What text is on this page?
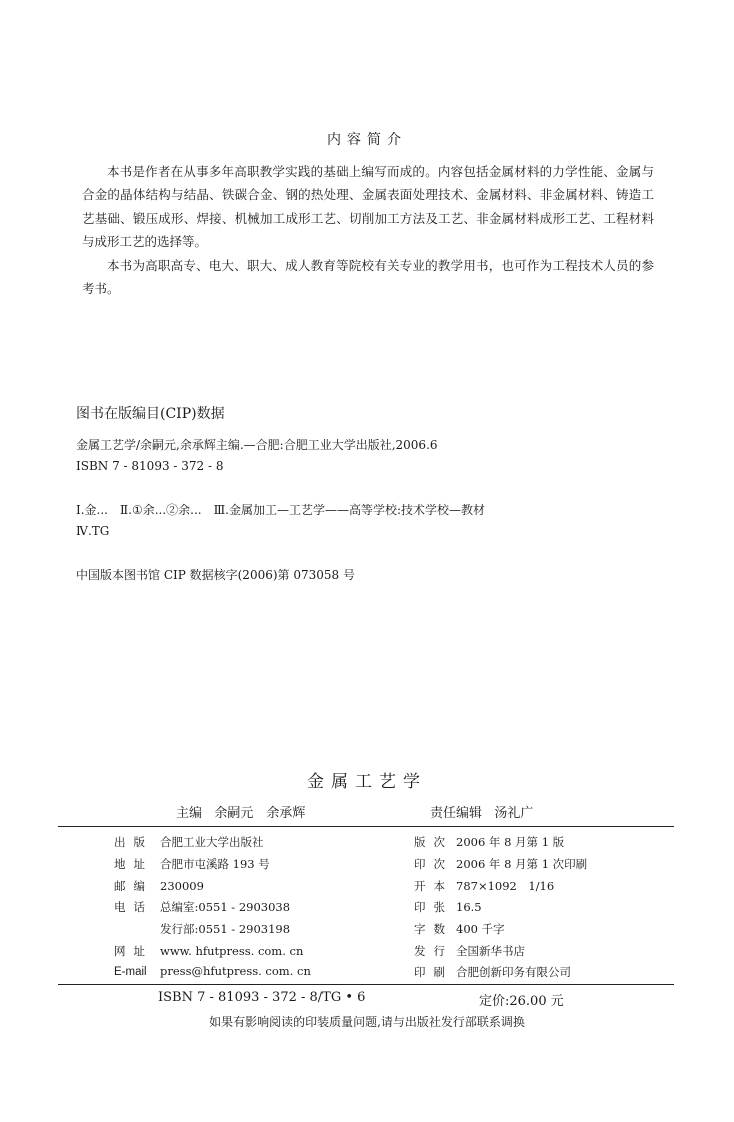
内容简介

本书是作者在从事多年高职教学实践的基础上编写而成的。内容包括金属材料的力学性能、金属与合金的晶体结构与结晶、铁碳合金、钢的热处理、金属表面处理技术、金属材料、非金属材料、铸造工艺基础、锻压成形、焊接、机械加工成形工艺、切削加工方法及工艺、非金属材料成形工艺、工程材料与成形工艺的选择等。

本书为高职高专、电大、职大、成人教育等院校有关专业的教学用书，也可作为工程技术人员的参考书。

图书在版编目(CIP)数据
金属工艺学/余嗣元,余承辉主编.—合肥:合肥工业大学出版社,2006.6
ISBN 7 - 81093 - 372 - 8
Ⅰ.金...　Ⅱ.①余...②余...　Ⅲ.金属加工—工艺学——高等学校:技术学校—教材
Ⅳ.TG
中国版本图书馆 CIP 数据核字(2006)第 073058 号
金属工艺学
主编 余嗣元　余承辉	责任编辑 汤礼广
出版 合肥工业大学出版社
地址 合肥市屯溪路 193 号
邮编 230009
电话 总编室:0551 - 2903038
发行部:0551 - 2903198
网址 www. hfutpress. com. cn
E-mail press@hfutpress. com. cn
版次 2006 年 8 月第 1 版
印次 2006 年 8 月第 1 次印刷
开本 787×1092　1/16
印张 16.5
字数 400 千字
发行 全国新华书店
印刷 合肥创新印务有限公司
ISBN 7 - 81093 - 372 - 8/TG • 6	定价:26.00 元
如果有影响阅读的印装质量问题,请与出版社发行部联系调换
